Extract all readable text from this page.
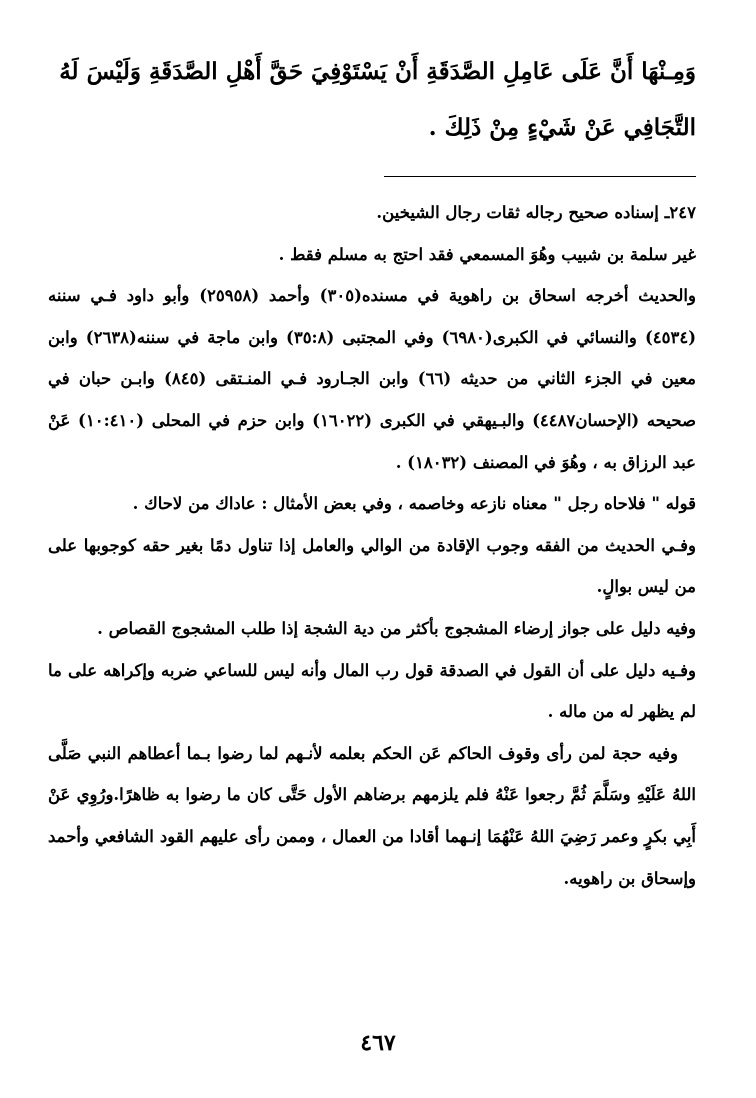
وَمِـنْهَا أَنَّ عَلَى عَامِلِ الصَّدَقَةِ أَنْ يَسْتَوْفِيَ حَقَّ أَهْلِ الصَّدَقَةِ وَلَيْسَ لَهُ

التَّجَافِي عَنْ شَيْءٍ مِنْ ذَلِكَ .

٢٤٧ـ إسناده صحيح رجاله ثقات رجال الشيخين.

غير سلمة بن شبيب وهُوَ المسمعي فقد احتج به مسلم فقط .

والحديث أخرجه اسحاق بن راهوية في مسنده(٣٠٥) وأحمد (٢٥٩٥٨) وأبو داود فـي سننه (٤٥٣٤) والنسائي في الكبرى(٦٩٨٠) وفي المجتبى (٣٥:٨) وابن ماجة في سننه(٢٦٣٨) وابن معين في الجزء الثاني من حديثه (٦٦) وابن الجـارود فـي المنـتقى (٨٤٥) وابـن حبان في صحيحه (الإحسان٤٤٨٧) والبـيهقي في الكبرى (١٦٠٢٢) وابن حزم في المحلى (١٠:٤١٠) عَنْ عبد الرزاق به ، وهُوَ في المصنف (١٨٠٣٢) .

قوله " فلاحاه رجل " معناه نازعه وخاصمه ، وفي بعض الأمثال : عاداك من لاحاك .

وفـي الحديث من الفقه وجوب الإقادة من الوالي والعامل إذا تناول دمًا بغير حقه كوجوبها على من ليس بوالٍ.

وفيه دليل على جواز إرضاء المشجوج بأكثر من دية الشجة إذا طلب المشجوج القصاص .

وفـيه دليل على أن القول في الصدقة قول رب المال وأنه ليس للساعي ضربه وإكراهه على ما لم يظهر له من ماله .

وفيه حجة لمن رأى وقوف الحاكم عَن الحكم بعلمه لأنـهم لما رضوا بـما أعطاهم النبي صَلَّى اللهُ عَلَيْهِ وسَلَّمَ ثُمَّ رجعوا عَنْهُ فلم يلزمهم برضاهم الأول حَتَّى كان ما رضوا به ظاهرًا.ورُوِي عَنْ أَبِي بكرٍ وعمر رَضِيَ اللهُ عَنْهُمَا إنـهما أقادا من العمال ، وممن رأى عليهم القود الشافعي وأحمد وإسحاق بن راهويه.

٤٦٧
